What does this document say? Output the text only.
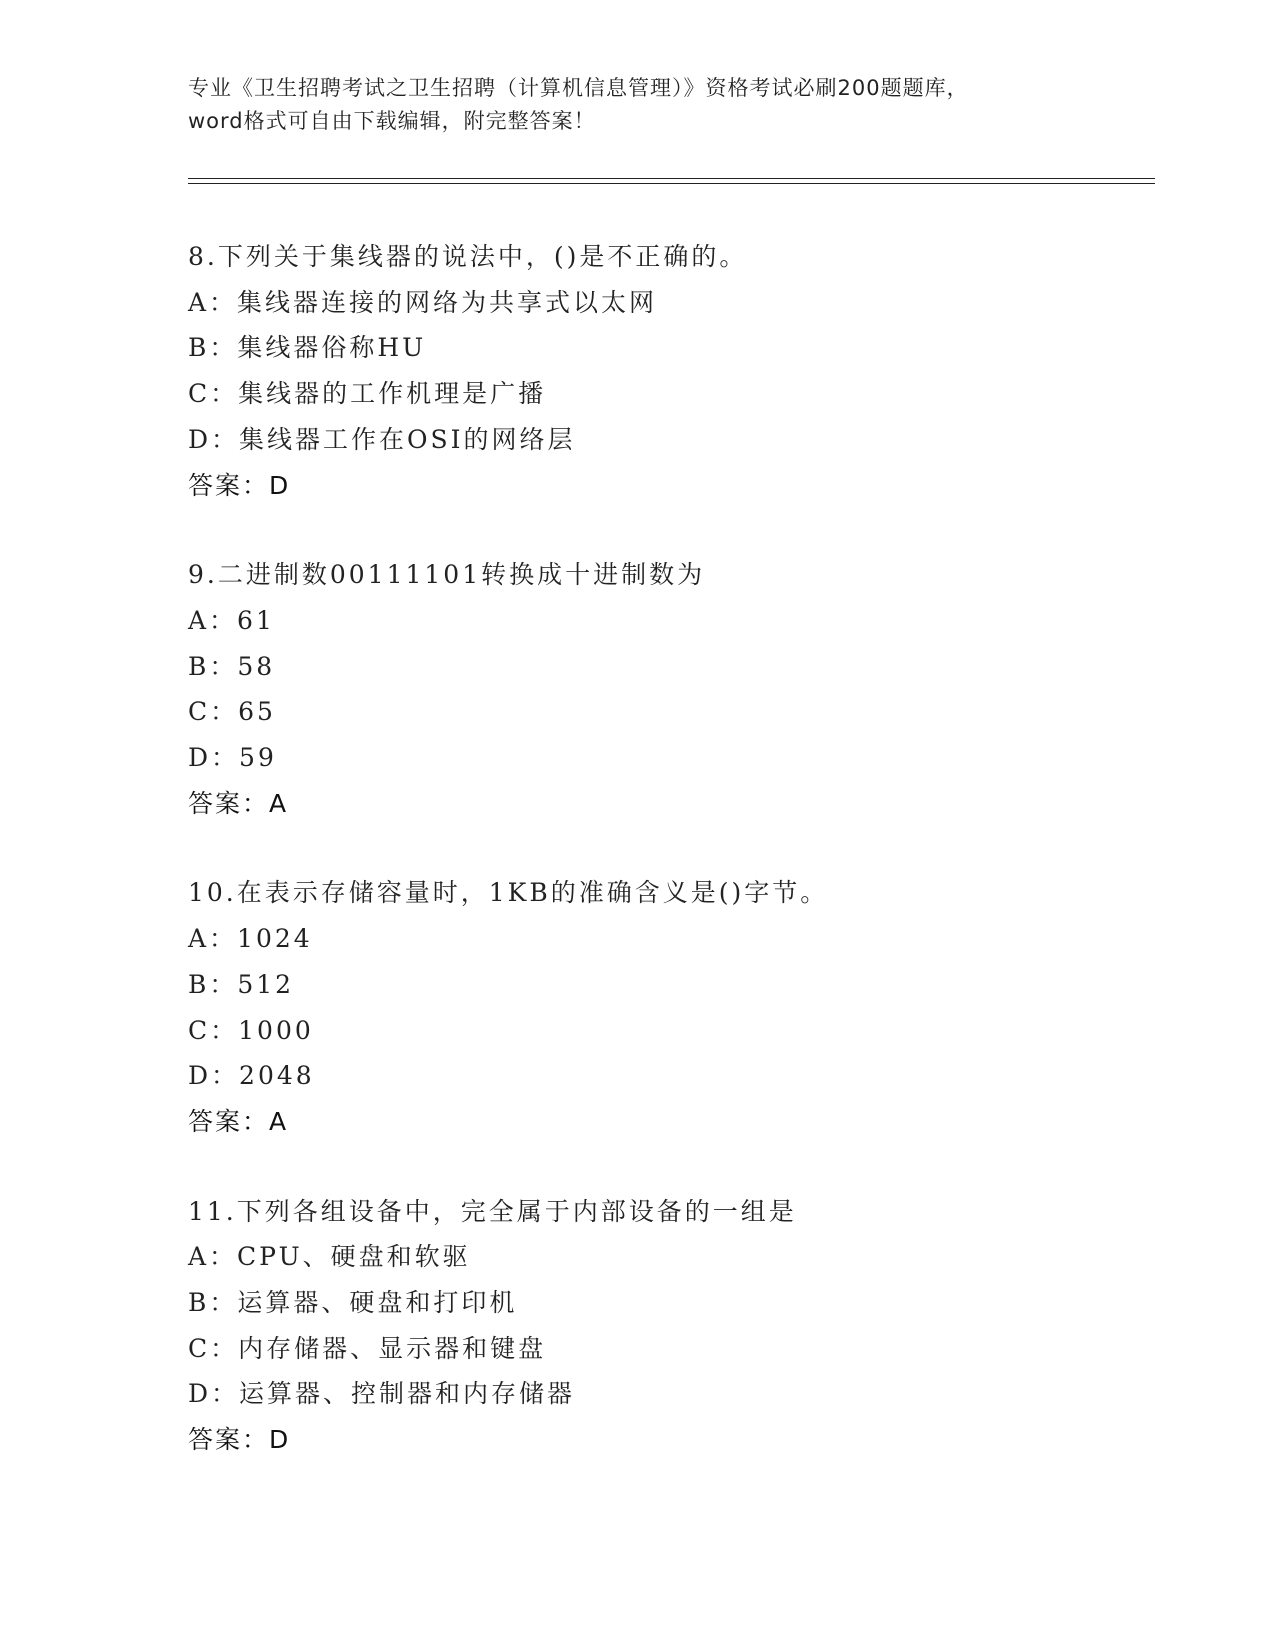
专业《卫生招聘考试之卫生招聘（计算机信息管理）》资格考试必刷200题题库，
word格式可自由下载编辑，附完整答案！
8.下列关于集线器的说法中，()是不正确的。
A：集线器连接的网络为共享式以太网
B：集线器俗称HU
C：集线器的工作机理是广播
D：集线器工作在OSI的网络层
答案：D
9.二进制数00111101转换成十进制数为
A：61
B：58
C：65
D：59
答案：A
10.在表示存储容量时，1KB的准确含义是()字节。
A：1024
B：512
C：1000
D：2048
答案：A
11.下列各组设备中，完全属于内部设备的一组是
A：CPU、硬盘和软驱
B：运算器、硬盘和打印机
C：内存储器、显示器和键盘
D：运算器、控制器和内存储器
答案：D
